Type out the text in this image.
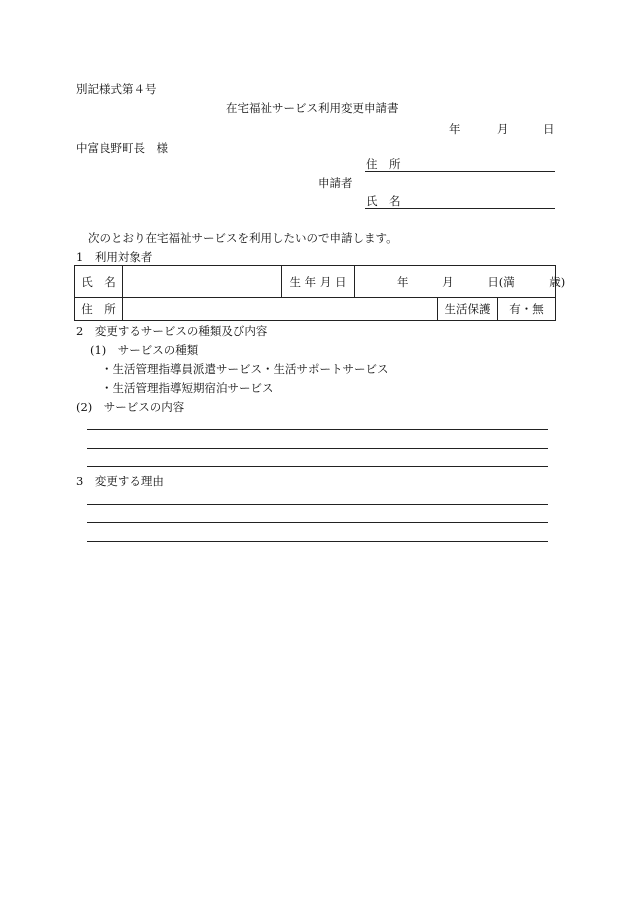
別記様式第４号
在宅福祉サービス利用変更申請書
年	月	日
中富良野町長　様
住　所
申請者
氏　名
次のとおり在宅福祉サービスを利用したいので申請します。
1　利用対象者
氏　名		生 年 月 日	年 月 日(満　　　歳)		
住　所				生活保護	有・無
2　変更するサービスの種類及び内容
(1)　サービスの種類
・生活管理指導員派遣サービス・生活サポートサービス
・生活管理指導短期宿泊サービス
(2)　サービスの内容
3　変更する理由
